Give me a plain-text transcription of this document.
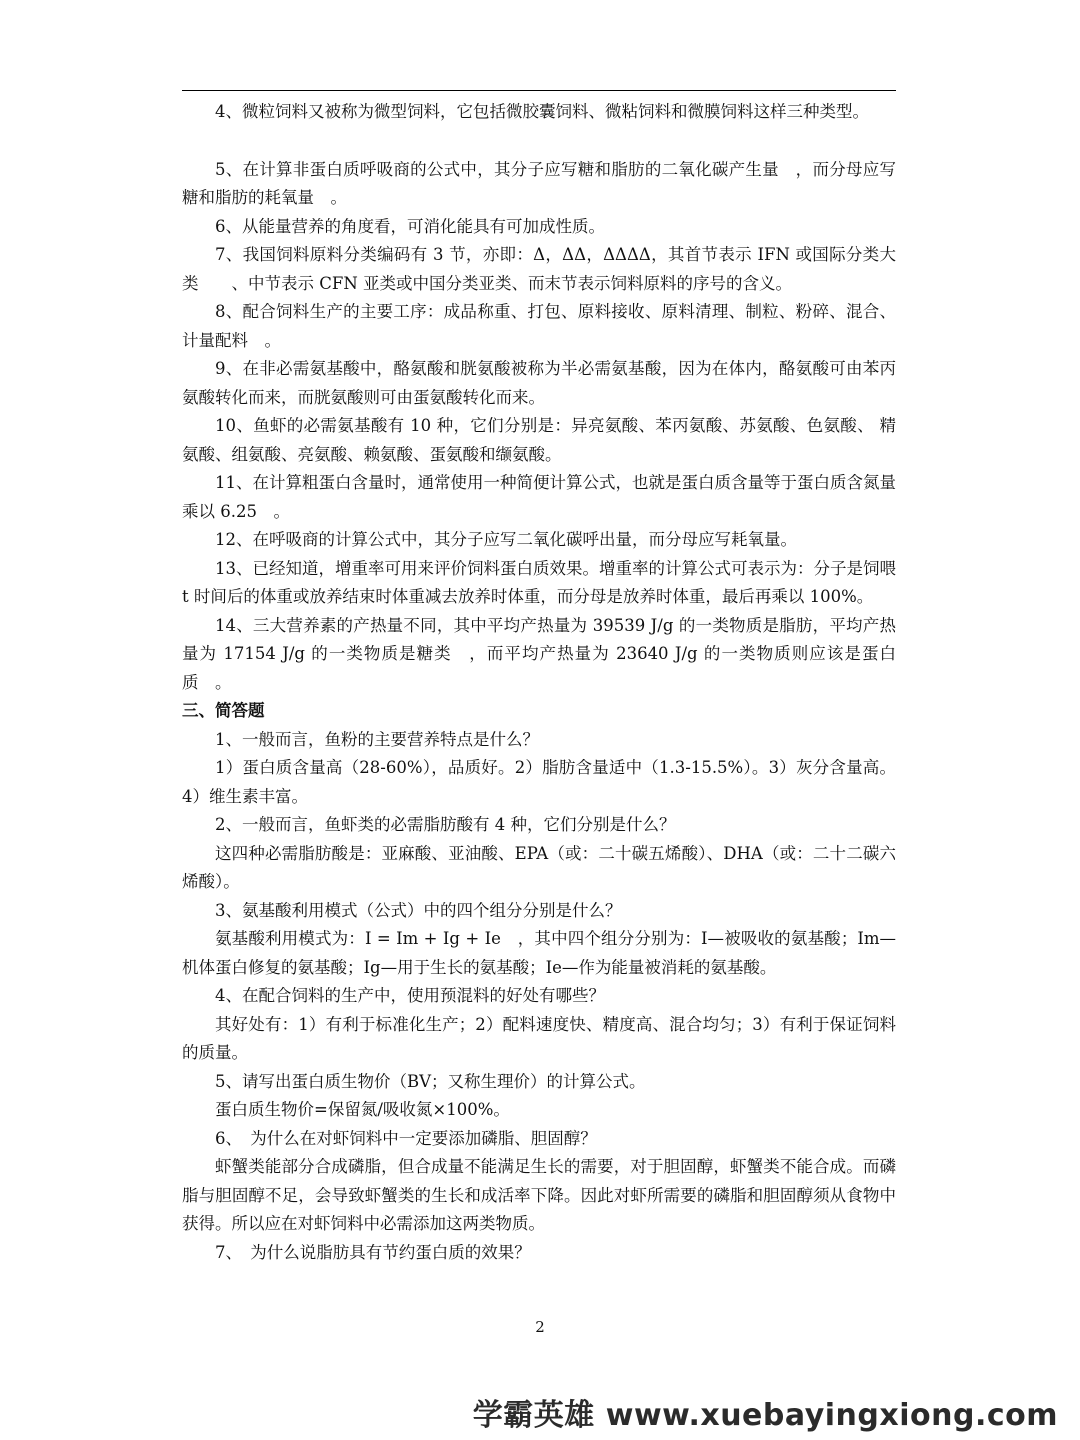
4、微粒饲料又被称为微型饲料，它包括微胶囊饲料、微粘饲料和微膜饲料这样三种类型。

5、在计算非蛋白质呼吸商的公式中，其分子应写糖和脂肪的二氧化碳产生量　，而分母应写糖和脂肪的耗氧量　。

6、从能量营养的角度看，可消化能具有可加成性质。

7、我国饲料原料分类编码有 3 节，亦即：Δ，ΔΔ，ΔΔΔΔ，其首节表示 IFN 或国际分类大类　　、中节表示 CFN 亚类或中国分类亚类、而末节表示饲料原料的序号的含义。

8、配合饲料生产的主要工序：成品称重、打包、原料接收、原料清理、制粒、粉碎、混合、计量配料　。

9、在非必需氨基酸中，酪氨酸和胱氨酸被称为半必需氨基酸，因为在体内，酪氨酸可由苯丙氨酸转化而来，而胱氨酸则可由蛋氨酸转化而来。

10、鱼虾的必需氨基酸有 10 种，它们分别是：异亮氨酸、苯丙氨酸、苏氨酸、色氨酸、 精氨酸、组氨酸、亮氨酸、赖氨酸、蛋氨酸和缬氨酸。

11、在计算粗蛋白含量时，通常使用一种简便计算公式，也就是蛋白质含量等于蛋白质含氮量乘以 6.25　。

12、在呼吸商的计算公式中，其分子应写二氧化碳呼出量，而分母应写耗氧量。

13、已经知道，增重率可用来评价饲料蛋白质效果。增重率的计算公式可表示为：分子是饲喂 t 时间后的体重或放养结束时体重减去放养时体重，而分母是放养时体重，最后再乘以 100%。

14、三大营养素的产热量不同，其中平均产热量为 39539 J/g 的一类物质是脂肪，平均产热量为 17154 J/g 的一类物质是糖类　，而平均产热量为 23640 J/g 的一类物质则应该是蛋白质　。

三、简答题

1、一般而言，鱼粉的主要营养特点是什么？

1）蛋白质含量高（28-60%），品质好。2）脂肪含量适中（1.3-15.5%）。3）灰分含量高。4）维生素丰富。

2、一般而言，鱼虾类的必需脂肪酸有 4 种，它们分别是什么？

这四种必需脂肪酸是：亚麻酸、亚油酸、EPA（或：二十碳五烯酸）、DHA（或：二十二碳六烯酸）。

3、氨基酸利用模式（公式）中的四个组分分别是什么？

氨基酸利用模式为：I = Im + Ig + Ie　，其中四个组分分别为：I—被吸收的氨基酸；Im—机体蛋白修复的氨基酸；Ig—用于生长的氨基酸；Ie—作为能量被消耗的氨基酸。

4、在配合饲料的生产中，使用预混料的好处有哪些？

其好处有：1）有利于标准化生产；2）配料速度快、精度高、混合均匀；3）有利于保证饲料的质量。

5、请写出蛋白质生物价（BV；又称生理价）的计算公式。

蛋白质生物价=保留氮/吸收氮×100%。

6、　为什么在对虾饲料中一定要添加磷脂、胆固醇？

虾蟹类能部分合成磷脂，但合成量不能满足生长的需要，对于胆固醇，虾蟹类不能合成。而磷脂与胆固醇不足，会导致虾蟹类的生长和成活率下降。因此对虾所需要的磷脂和胆固醇须从食物中获得。所以应在对虾饲料中必需添加这两类物质。

7、　为什么说脂肪具有节约蛋白质的效果？

2
学霸英雄 www.xuebayingxiong.com
